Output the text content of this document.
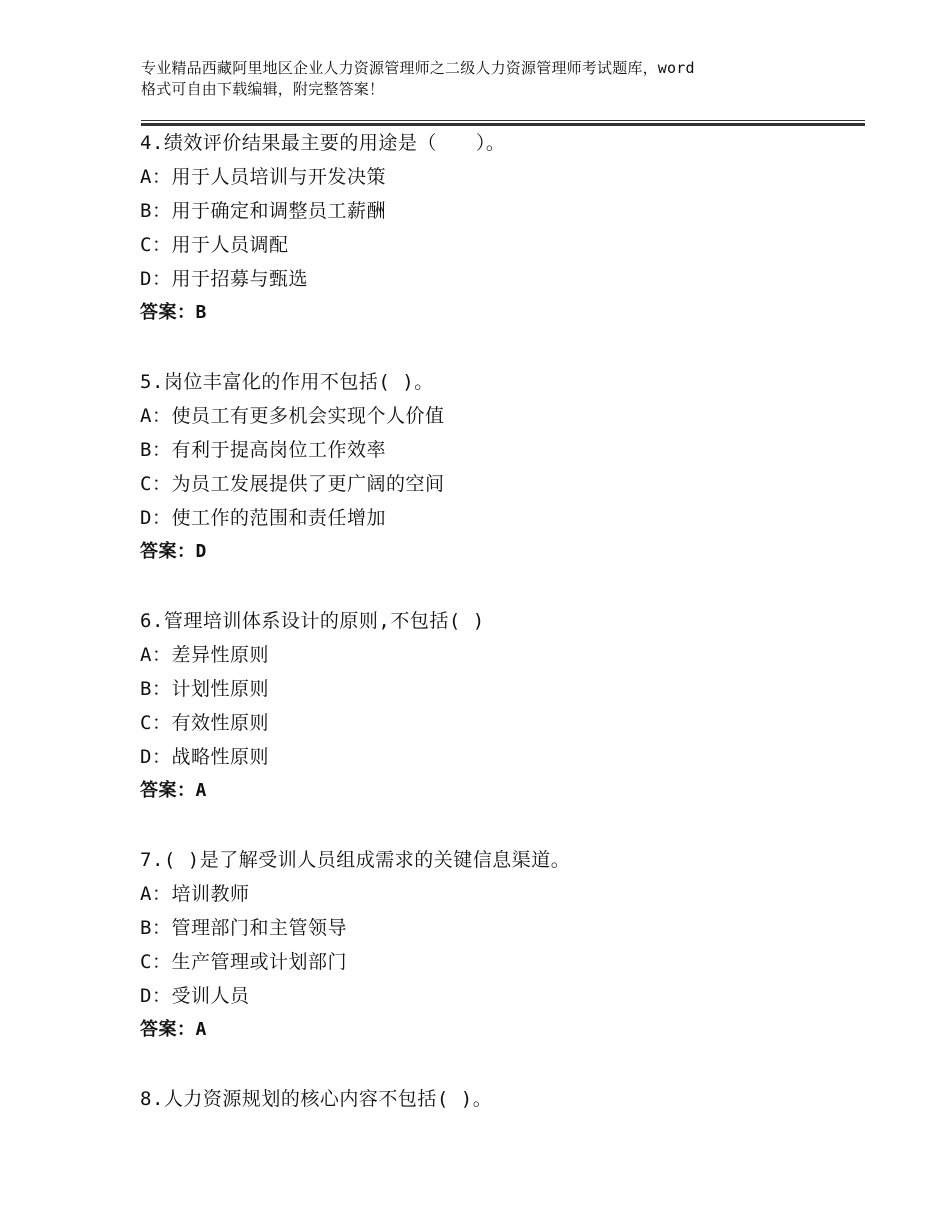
专业精品西藏阿里地区企业人力资源管理师之二级人力资源管理师考试题库，word
格式可自由下载编辑，附完整答案！
4.绩效评价结果最主要的用途是（　　）。
A：用于人员培训与开发决策
B：用于确定和调整员工薪酬
C：用于人员调配
D：用于招募与甄选
答案：B
5.岗位丰富化的作用不包括( )。
A：使员工有更多机会实现个人价值
B：有利于提高岗位工作效率
C：为员工发展提供了更广阔的空间
D：使工作的范围和责任增加
答案：D
6.管理培训体系设计的原则,不包括( )
A：差异性原则
B：计划性原则
C：有效性原则
D：战略性原则
答案：A
7.( )是了解受训人员组成需求的关键信息渠道。
A：培训教师
B：管理部门和主管领导
C：生产管理或计划部门
D：受训人员
答案：A
8.人力资源规划的核心内容不包括( )。
